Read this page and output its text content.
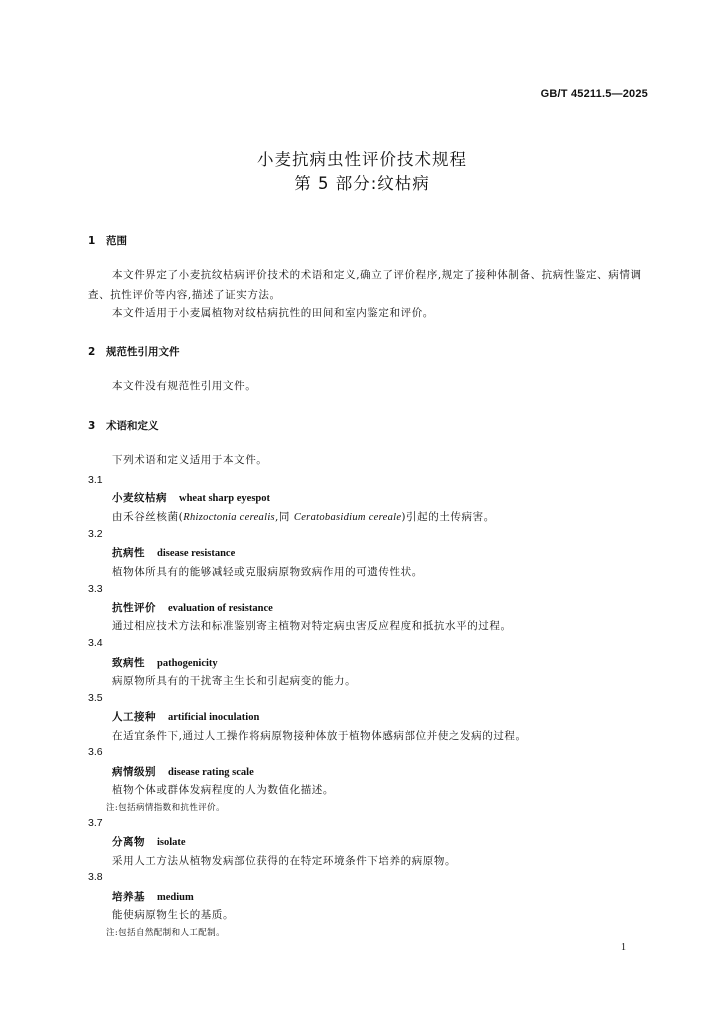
GB/T 45211.5—2025
小麦抗病虫性评价技术规程
第 5 部分:纹枯病
1 范围
本文件界定了小麦抗纹枯病评价技术的术语和定义,确立了评价程序,规定了接种体制备、抗病性鉴定、病情调查、抗性评价等内容,描述了证实方法。
本文件适用于小麦属植物对纹枯病抗性的田间和室内鉴定和评价。
2 规范性引用文件
本文件没有规范性引用文件。
3 术语和定义
下列术语和定义适用于本文件。
3.1
小麦纹枯病 wheat sharp eyespot
由禾谷丝核菌(Rhizoctonia cerealis,同 Ceratobasidium cereale)引起的土传病害。
3.2
抗病性 disease resistance
植物体所具有的能够减轻或克服病原物致病作用的可遗传性状。
3.3
抗性评价 evaluation of resistance
通过相应技术方法和标准鉴别寄主植物对特定病虫害反应程度和抵抗水平的过程。
3.4
致病性 pathogenicity
病原物所具有的干扰寄主生长和引起病变的能力。
3.5
人工接种 artificial inoculation
在适宜条件下,通过人工操作将病原物接种体放于植物体感病部位并使之发病的过程。
3.6
病情级别 disease rating scale
植物个体或群体发病程度的人为数值化描述。
注:包括病情指数和抗性评价。
3.7
分离物 isolate
采用人工方法从植物发病部位获得的在特定环境条件下培养的病原物。
3.8
培养基 medium
能使病原物生长的基质。
注:包括自然配制和人工配制。
1
